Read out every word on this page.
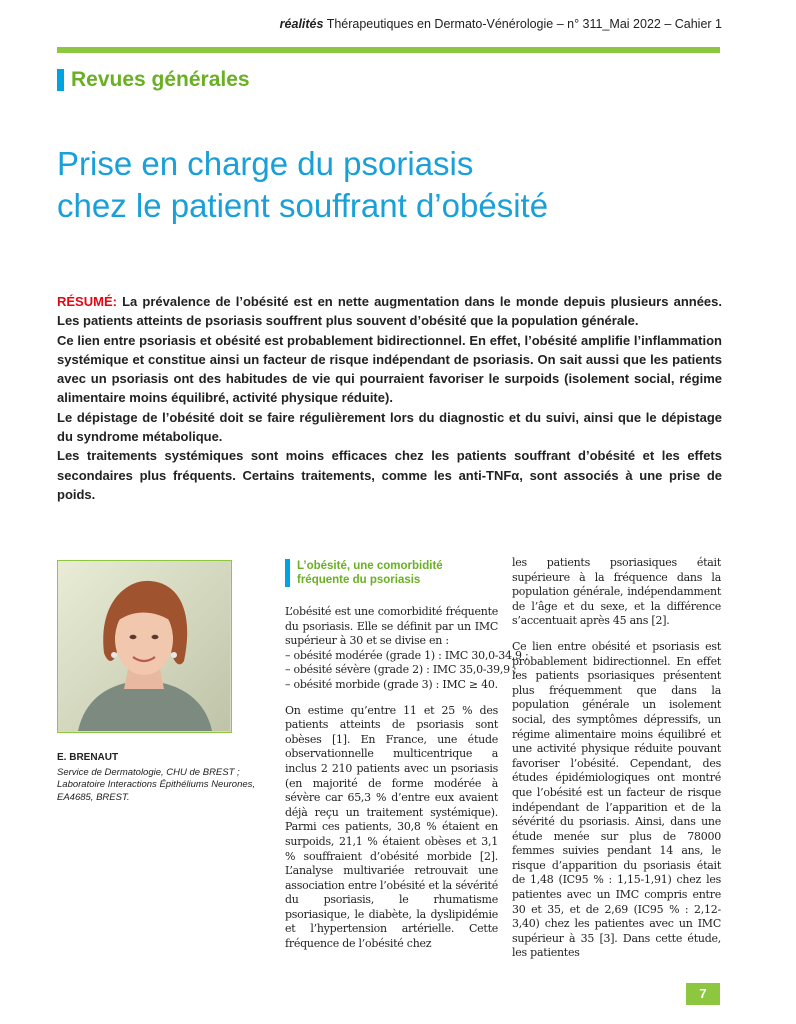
réalités Thérapeutiques en Dermato-Vénérologie – n° 311_Mai 2022 – Cahier 1
Revues générales
Prise en charge du psoriasis
chez le patient souffrant d’obésité

RÉSUMÉ: La prévalence de l’obésité est en nette augmentation dans le monde depuis plusieurs années. Les patients atteints de psoriasis souffrent plus souvent d’obésité que la population générale.

Ce lien entre psoriasis et obésité est probablement bidirectionnel. En effet, l’obésité amplifie l’inflammation systémique et constitue ainsi un facteur de risque indépendant de psoriasis. On sait aussi que les patients avec un psoriasis ont des habitudes de vie qui pourraient favoriser le surpoids (isolement social, régime alimentaire moins équilibré, activité physique réduite).

Le dépistage de l’obésité doit se faire régulièrement lors du diagnostic et du suivi, ainsi que le dépistage du syndrome métabolique.

Les traitements systémiques sont moins efficaces chez les patients souffrant d’obésité et les effets secondaires plus fréquents. Certains traitements, comme les anti-TNFα, sont associés à une prise de poids.

E. BRENAUT

Service de Dermatologie, CHU de BREST ;

Laboratoire Interactions Épithéliums Neurones, EA4685, BREST.

L’obésité, une comorbidité fréquente du psoriasis

L’obésité est une comorbidité fréquente du psoriasis. Elle se définit par un IMC supérieur à 30 et se divise en :
– obésité modérée (grade 1) : IMC 30,0-34,9 ;
– obésité sévère (grade 2) : IMC 35,0-39,9 ;
– obésité morbide (grade 3) : IMC ≥ 40.

On estime qu’entre 11 et 25 % des patients atteints de psoriasis sont obèses [1]. En France, une étude observationnelle multicentrique a inclus 2 210 patients avec un psoriasis (en majorité de forme modérée à sévère car 65,3 % d’entre eux avaient déjà reçu un traitement systémique). Parmi ces patients, 30,8 % étaient en surpoids, 21,1 % étaient obèses et 3,1 % souffraient d’obésité morbide [2]. L’analyse multivariée retrouvait une association entre l’obésité et la sévérité du psoriasis, le rhumatisme psoriasique, le diabète, la dyslipidémie et l’hypertension artérielle. Cette fréquence de l’obésité chez

les patients psoriasiques était supérieure à la fréquence dans la population générale, indépendamment de l’âge et du sexe, et la différence s’accentuait après 45 ans [2].

Ce lien entre obésité et psoriasis est probablement bidirectionnel. En effet les patients psoriasiques présentent plus fréquemment que dans la population générale un isolement social, des symptômes dépressifs, un régime alimentaire moins équilibré et une activité physique réduite pouvant favoriser l’obésité. Cependant, des études épidémiologiques ont montré que l’obésité est un facteur de risque indépendant de l’apparition et de la sévérité du psoriasis. Ainsi, dans une étude menée sur plus de 78000 femmes suivies pendant 14 ans, le risque d’apparition du psoriasis était de 1,48 (IC95 % : 1,15-1,91) chez les patientes avec un IMC compris entre 30 et 35, et de 2,69 (IC95 % : 2,12-3,40) chez les patientes avec un IMC supérieur à 35 [3]. Dans cette étude, les patientes

7
